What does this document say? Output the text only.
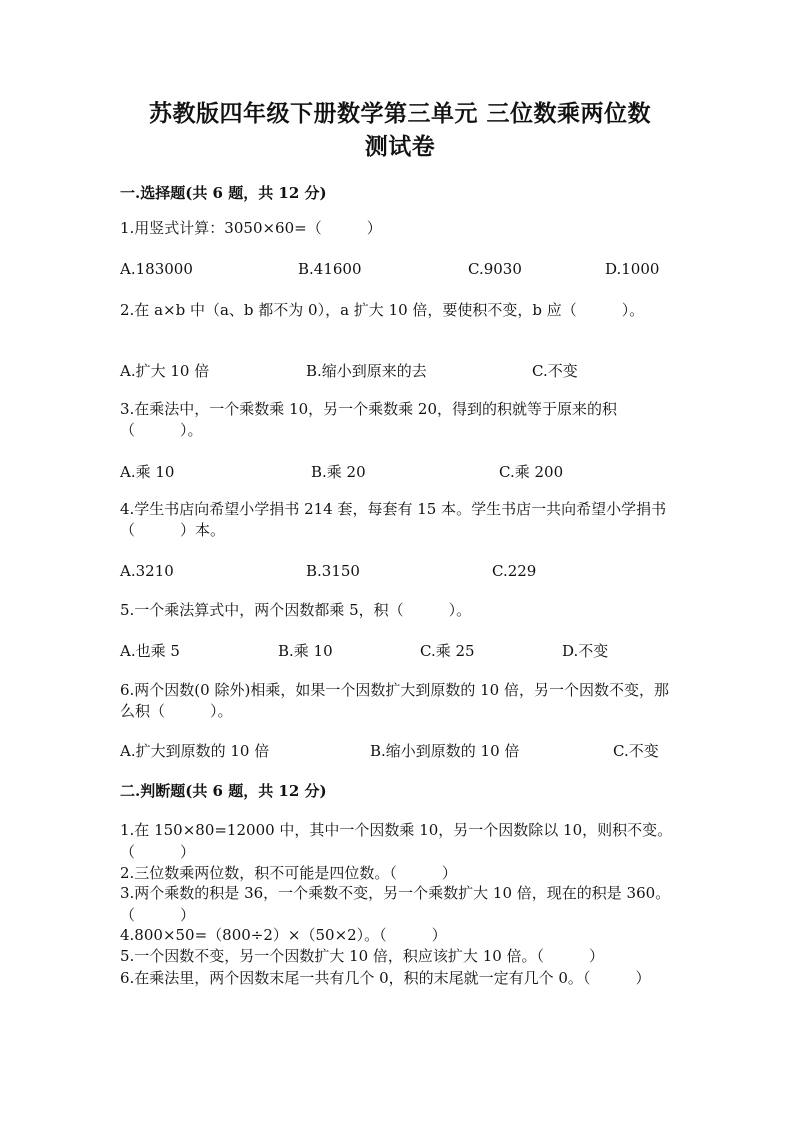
苏教版四年级下册数学第三单元 三位数乘两位数
测试卷
一.选择题(共 6 题，共 12 分)
1.用竖式计算：3050×60=（　　　）
A.183000	B.41600	C.9030	D.1000
2.在 a×b 中（a、b 都不为 0），a 扩大 10 倍，要使积不变，b 应（　　　）。
A.扩大 10 倍	B.缩小到原来的去	C.不变
3.在乘法中，一个乘数乘 10，另一个乘数乘 20，得到的积就等于原来的积（　　　）。
A.乘 10	B.乘 20	C.乘 200
4.学生书店向希望小学捐书 214 套，每套有 15 本。学生书店一共向希望小学捐书（　　　）本。
A.3210	B.3150	C.229
5.一个乘法算式中，两个因数都乘 5，积（　　　）。
A.也乘 5	B.乘 10	C.乘 25	D.不变
6.两个因数(0 除外)相乘，如果一个因数扩大到原数的 10 倍，另一个因数不变，那么积（　　　）。
A.扩大到原数的 10 倍	B.缩小到原数的 10 倍	C.不变
二.判断题(共 6 题，共 12 分)
1.在 150×80=12000 中，其中一个因数乘 10，另一个因数除以 10，则积不变。（　　　）
2.三位数乘两位数，积不可能是四位数。（　　　）
3.两个乘数的积是 36，一个乘数不变，另一个乘数扩大 10 倍，现在的积是 360。（　　　）
4.800×50=（800÷2）×（50×2）。（　　　）
5.一个因数不变，另一个因数扩大 10 倍，积应该扩大 10 倍。（　　　）
6.在乘法里，两个因数末尾一共有几个 0，积的末尾就一定有几个 0。（　　　）
